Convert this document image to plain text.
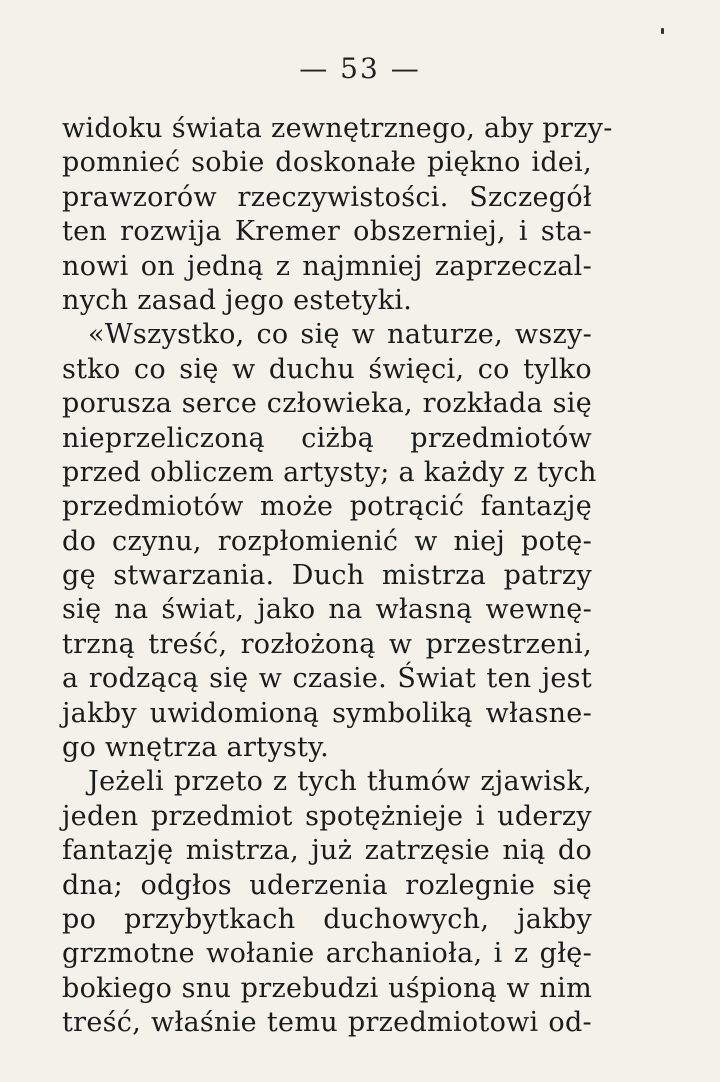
— 53 —
widoku świata zewnętrznego, aby przy-
pomnieć sobie doskonałe piękno idei,
prawzorów rzeczywistości. Szczegół
ten rozwija Kremer obszerniej, i sta-
nowi on jedną z najmniej zaprzeczal-
nych zasad jego estetyki.
«Wszystko, co się w naturze, wszy-
stko co się w duchu święci, co tylko
porusza serce człowieka, rozkłada się
nieprzeliczoną ciżbą przedmiotów
przed obliczem artysty; a każdy z tych
przedmiotów może potrącić fantazję
do czynu, rozpłomienić w niej potę-
gę stwarzania. Duch mistrza patrzy
się na świat, jako na własną wewnę-
trzną treść, rozłożoną w przestrzeni,
a rodzącą się w czasie. Świat ten jest
jakby uwidomioną symboliką własne-
go wnętrza artysty.
Jeżeli przeto z tych tłumów zjawisk,
jeden przedmiot spotężnieje i uderzy
fantazję mistrza, już zatrzęsie nią do
dna; odgłos uderzenia rozlegnie się
po przybytkach duchowych, jakby
grzmotne wołanie archanioła, i z głę-
bokiego snu przebudzi uśpioną w nim
treść, właśnie temu przedmiotowi od-
